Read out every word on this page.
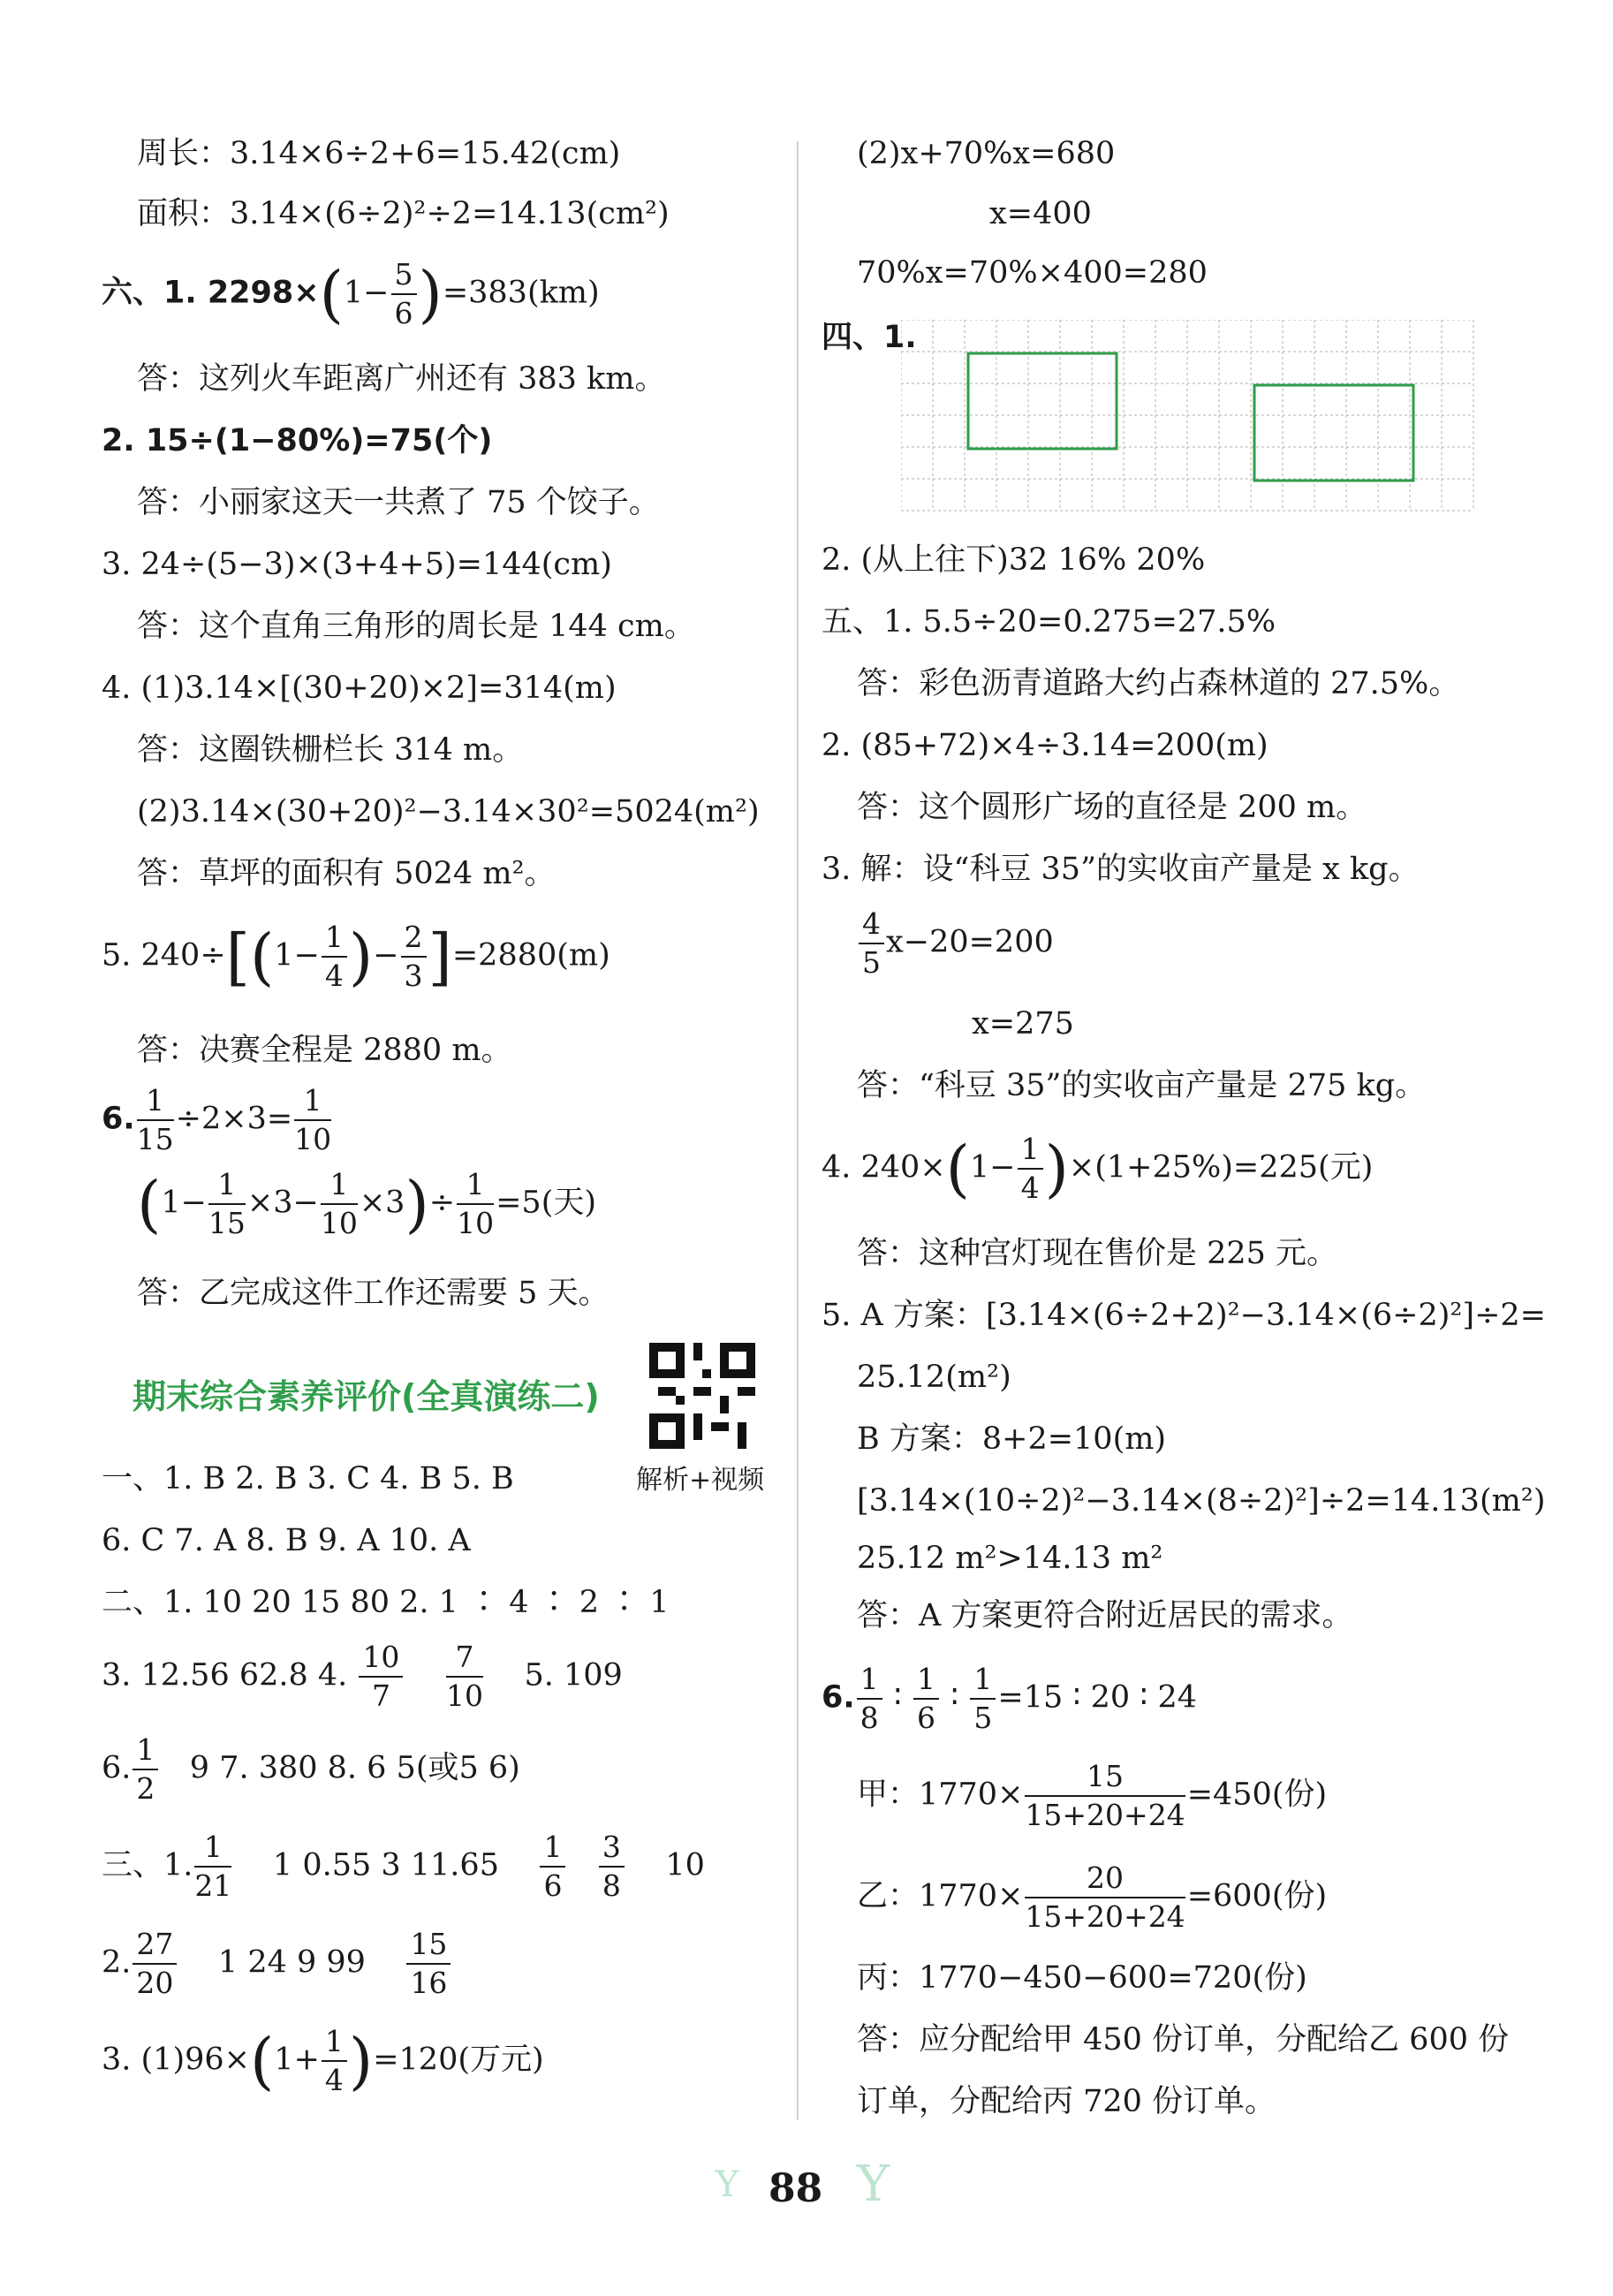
周长：3.14×6÷2+6=15.42(cm)
面积：3.14×(6÷2)²÷2=14.13(cm²)
六、1. $2298\times(1- \frac{5}{6} )=383(km)$
答：这列火车距离广州还有 383 km。
2. 15÷(1−80%)=75(个)
答：小丽家这天一共煮了 75 个饺子。
3. 24÷(5−3)×(3+4+5)=144(cm)
答：这个直角三角形的周长是 144 cm。
4. (1)3.14×[(30+20)×2]=314(m)
答：这圈铁栅栏长 314 m。
(2)3.14×(30+20)²−3.14×30²=5024(m²)
答：草坪的面积有 5024 m²。
5. $240\div[(1- \frac{1}{4}$ )− $\frac{2}{3} ]=2880(m)$
答：决赛全程是 2880 m。
6. $\frac{1}{15} \div 2\times 3= \frac{1}{10}$
$(1- \frac{1}{15} \times 3- \frac{1}{10} \times 3)\div \frac{1}{10} =5$(天)
答：乙完成这件工作还需要 5 天。
期末综合素养评价(全真演练二)
解析+视频
一、1. B 2. B 3. C 4. B 5. B
6. C 7. A 8. B 9. A 10. A
二、1. 10 20 15 80 2. 1 ∶ 4 ∶ 2 ∶ 1
3. 12.56 62.8 4. $\frac{10}{7}$
$\frac{7}{10} 5$. 109
6. $\frac{1}{2} 9$ 7. 380 8. 6 5(或5 6)
三、1. $\frac{1}{21} 1$ 0.55 3 $11.65 \frac{1}{6}$
$\frac{3}{8} 10$
2. $\frac{27}{20} 1$ 24 9 $99 \frac{15}{16}$
3. $(1)96\times(1+ \frac{1}{4} )=120$(万元)
(2)x+70%x=680
x=400
70%x=70%×400=280
四、1.
2. (从上往下)32 16% 20%
五、1. 5.5÷20=0.275=27.5%
答：彩色沥青道路大约占森林道的 27.5%。
2. (85+72)×4÷3.14=200(m)
答：这个圆形广场的直径是 200 m。
3. 解：设“科豆 35”的实收亩产量是 x kg。
$\frac{4}{5} x-20=200$
x=275
答：“科豆 35”的实收亩产量是 275 kg。
4. $240\times(1- \frac{1}{4} )\times(1+25\%)=225$(元)
答：这种宫灯现在售价是 225 元。
5. A 方案：[3.14×(6÷2+2)²−3.14×(6÷2)²]÷2=
25.12(m²)
B 方案：8+2=10(m)
[3.14×(10÷2)²−3.14×(8÷2)²]÷2=14.13(m²)
25.12 m²>14.13 m²
答：A 方案更符合附近居民的需求。
6. $\frac{1}{8}$ ∶ $\frac{1}{6}$ ∶ $\frac{1}{5} =15$ ∶ 20 ∶ 24
甲：$1770\times \frac{15}{15+20+24} =450$(份)
乙：$1770\times \frac{20}{15+20+24} =600$(份)
丙：1770−450−600=720(份)
答：应分配给甲 450 份订单，分配给乙 600 份
订单，分配给丙 720 份订单。
Y 88 Y
